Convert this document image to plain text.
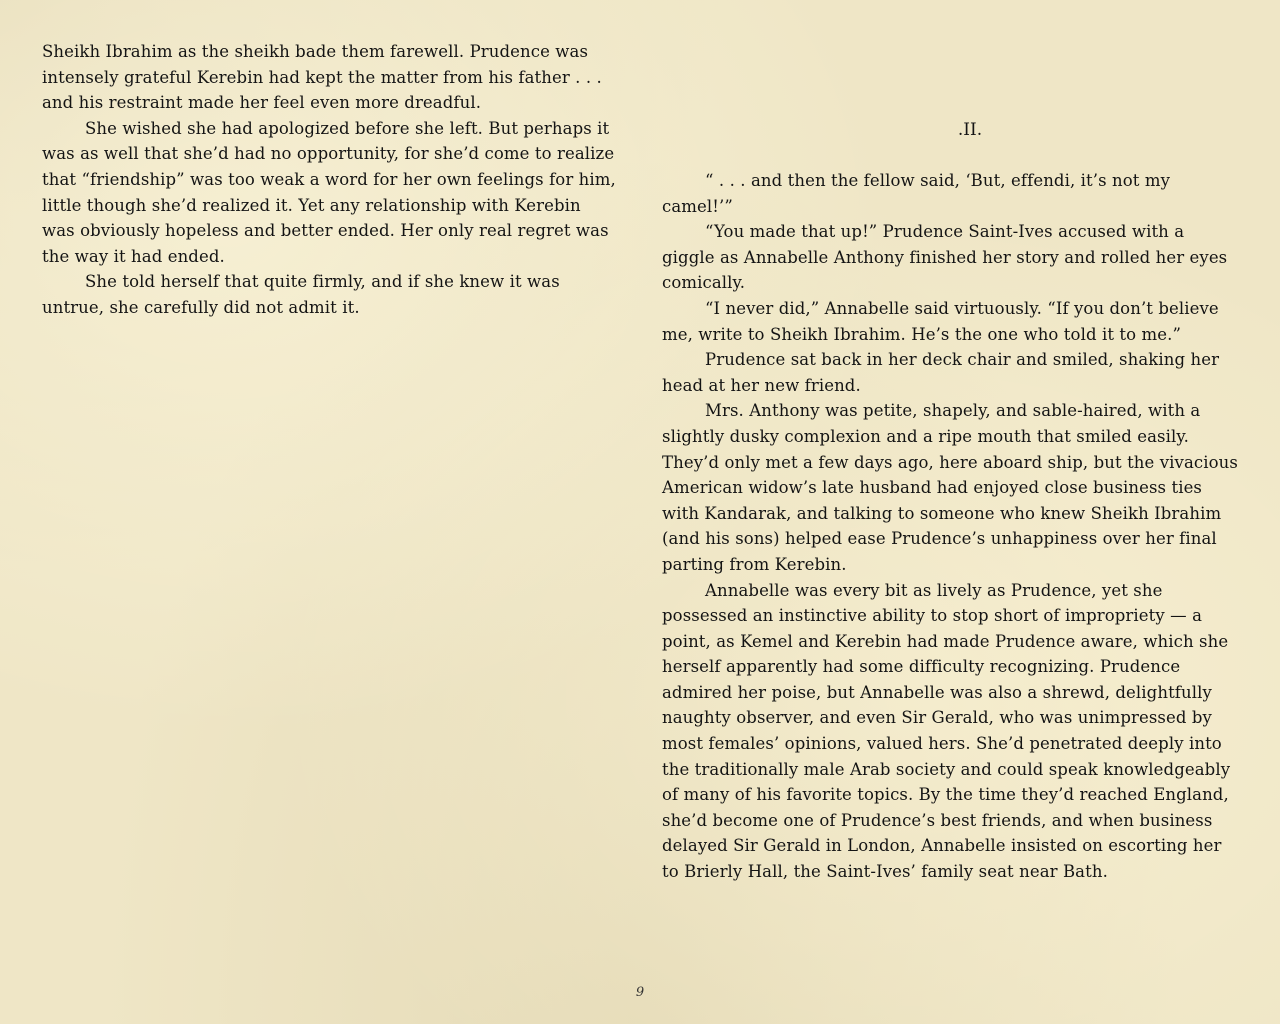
Sheikh Ibrahim as the sheikh bade them farewell. Prudence was intensely grateful Kerebin had kept the matter from his father . . . and his restraint made her feel even more dreadful.

She wished she had apologized before she left. But perhaps it was as well that she’d had no opportunity, for she’d come to realize that “friendship” was too weak a word for her own feelings for him, little though she’d realized it. Yet any relationship with Kerebin was obviously hopeless and better ended. Her only real regret was the way it had ended.

She told herself that quite firmly, and if she knew it was untrue, she carefully did not admit it.

.II.

“ . . . and then the fellow said, ‘But, effendi, it’s not my camel!’”

“You made that up!” Prudence Saint-Ives accused with a giggle as Annabelle Anthony finished her story and rolled her eyes comically.

“I never did,” Annabelle said virtuously. “If you don’t believe me, write to Sheikh Ibrahim. He’s the one who told it to me.”

Prudence sat back in her deck chair and smiled, shaking her head at her new friend.

Mrs. Anthony was petite, shapely, and sable-haired, with a slightly dusky complexion and a ripe mouth that smiled easily. They’d only met a few days ago, here aboard ship, but the vivacious American widow’s late husband had enjoyed close business ties with Kandarak, and talking to someone who knew Sheikh Ibrahim (and his sons) helped ease Prudence’s unhappiness over her final parting from Kerebin.

Annabelle was every bit as lively as Prudence, yet she possessed an instinctive ability to stop short of impropriety — a point, as Kemel and Kerebin had made Prudence aware, which she herself apparently had some difficulty recognizing. Prudence admired her poise, but Annabelle was also a shrewd, delightfully naughty observer, and even Sir Gerald, who was unimpressed by most females’ opinions, valued hers. She’d penetrated deeply into the traditionally male Arab society and could speak knowledgeably of many of his favorite topics. By the time they’d reached England, she’d become one of Prudence’s best friends, and when business delayed Sir Gerald in London, Annabelle insisted on escorting her to Brierly Hall, the Saint-Ives’ family seat near Bath.

9
